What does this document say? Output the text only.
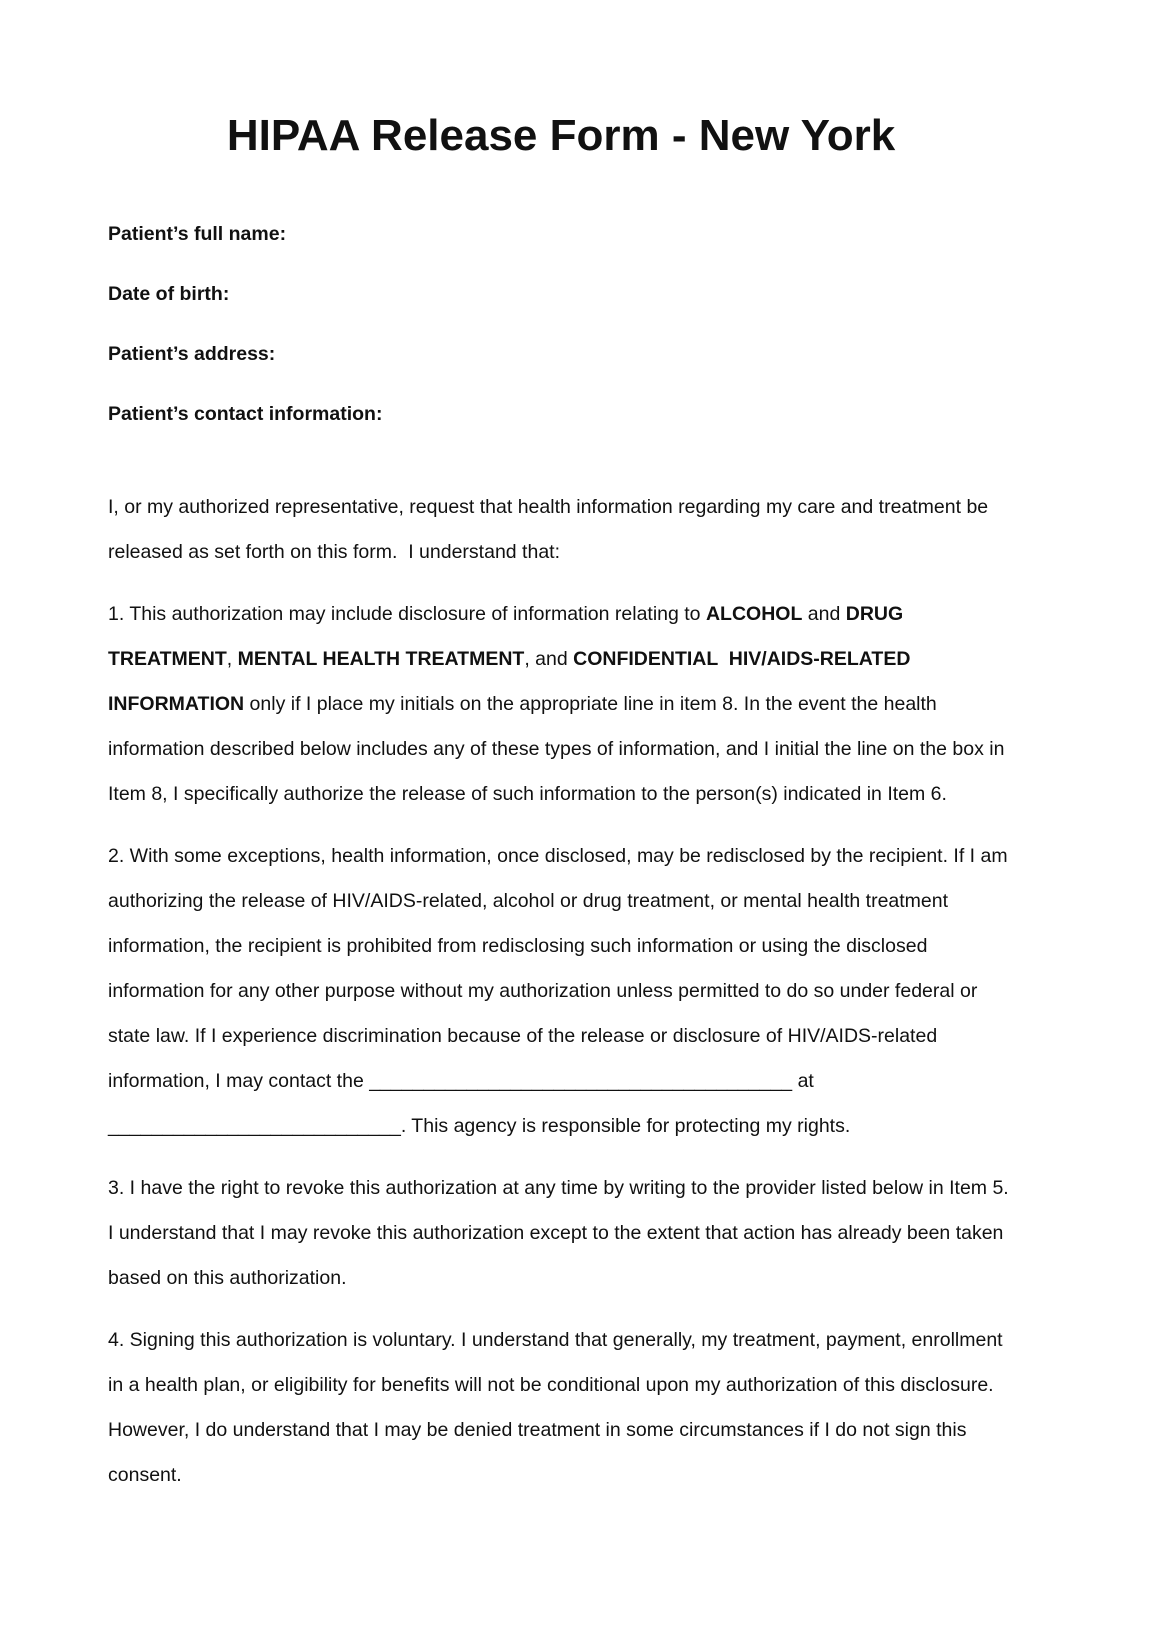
HIPAA Release Form - New York

Patient’s full name:

Date of birth:

Patient’s address:

Patient’s contact information:

I, or my authorized representative, request that health information regarding my care and treatment be released as set forth on this form.  I understand that:

1. This authorization may include disclosure of information relating to ALCOHOL and DRUG TREATMENT, MENTAL HEALTH TREATMENT, and CONFIDENTIAL  HIV/AIDS-RELATED INFORMATION only if I place my initials on the appropriate line in item 8. In the event the health information described below includes any of these types of information, and I initial the line on the box in Item 8, I specifically authorize the release of such information to the person(s) indicated in Item 6.

2. With some exceptions, health information, once disclosed, may be redisclosed by the recipient. If I am authorizing the release of HIV/AIDS-related, alcohol or drug treatment, or mental health treatment information, the recipient is prohibited from redisclosing such information or using the disclosed information for any other purpose without my authorization unless permitted to do so under federal or state law. If I experience discrimination because of the release or disclosure of HIV/AIDS-related information, I may contact the _______________________________________ at ___________________________. This agency is responsible for protecting my rights.

3. I have the right to revoke this authorization at any time by writing to the provider listed below in Item 5. I understand that I may revoke this authorization except to the extent that action has already been taken based on this authorization.

4. Signing this authorization is voluntary. I understand that generally, my treatment, payment, enrollment in a health plan, or eligibility for benefits will not be conditional upon my authorization of this disclosure. However, I do understand that I may be denied treatment in some circumstances if I do not sign this consent.
